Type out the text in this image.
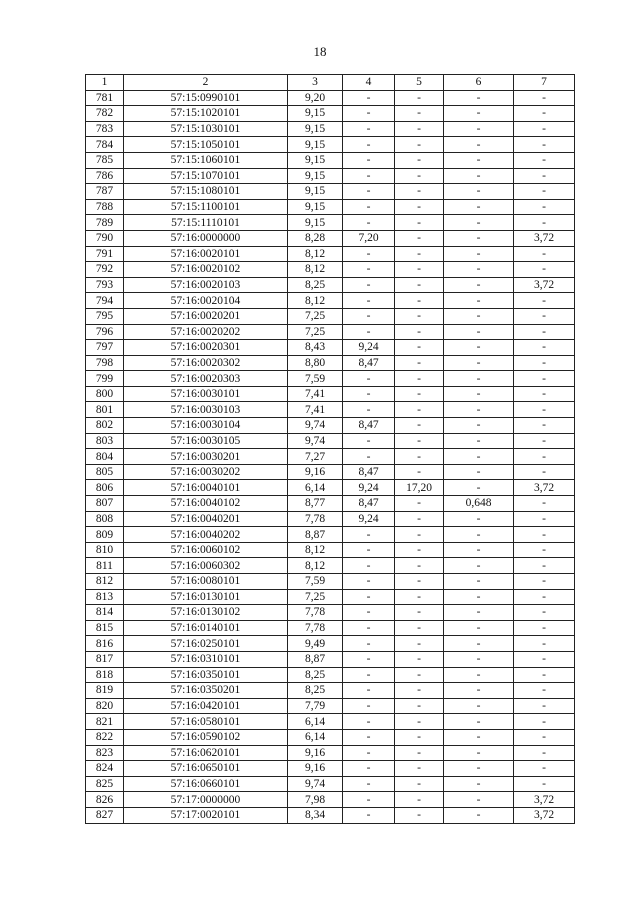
18
1	2	3	4	5	6	7
781	57:15:0990101	9,20	-	-	-	-
782	57:15:1020101	9,15	-	-	-	-
783	57:15:1030101	9,15	-	-	-	-
784	57:15:1050101	9,15	-	-	-	-
785	57:15:1060101	9,15	-	-	-	-
786	57:15:1070101	9,15	-	-	-	-
787	57:15:1080101	9,15	-	-	-	-
788	57:15:1100101	9,15	-	-	-	-
789	57:15:1110101	9,15	-	-	-	-
790	57:16:0000000	8,28	7,20	-	-	3,72
791	57:16:0020101	8,12	-	-	-	-
792	57:16:0020102	8,12	-	-	-	-
793	57:16:0020103	8,25	-	-	-	3,72
794	57:16:0020104	8,12	-	-	-	-
795	57:16:0020201	7,25	-	-	-	-
796	57:16:0020202	7,25	-	-	-	-
797	57:16:0020301	8,43	9,24	-	-	-
798	57:16:0020302	8,80	8,47	-	-	-
799	57:16:0020303	7,59	-	-	-	-
800	57:16:0030101	7,41	-	-	-	-
801	57:16:0030103	7,41	-	-	-	-
802	57:16:0030104	9,74	8,47	-	-	-
803	57:16:0030105	9,74	-	-	-	-
804	57:16:0030201	7,27	-	-	-	-
805	57:16:0030202	9,16	8,47	-	-	-
806	57:16:0040101	6,14	9,24	17,20	-	3,72
807	57:16:0040102	8,77	8,47	-	0,648	-
808	57:16:0040201	7,78	9,24	-	-	-
809	57:16:0040202	8,87	-	-	-	-
810	57:16:0060102	8,12	-	-	-	-
811	57:16:0060302	8,12	-	-	-	-
812	57:16:0080101	7,59	-	-	-	-
813	57:16:0130101	7,25	-	-	-	-
814	57:16:0130102	7,78	-	-	-	-
815	57:16:0140101	7,78	-	-	-	-
816	57:16:0250101	9,49	-	-	-	-
817	57:16:0310101	8,87	-	-	-	-
818	57:16:0350101	8,25	-	-	-	-
819	57:16:0350201	8,25	-	-	-	-
820	57:16:0420101	7,79	-	-	-	-
821	57:16:0580101	6,14	-	-	-	-
822	57:16:0590102	6,14	-	-	-	-
823	57:16:0620101	9,16	-	-	-	-
824	57:16:0650101	9,16	-	-	-	-
825	57:16:0660101	9,74	-	-	-	-
826	57:17:0000000	7,98	-	-	-	3,72
827	57:17:0020101	8,34	-	-	-	3,72
